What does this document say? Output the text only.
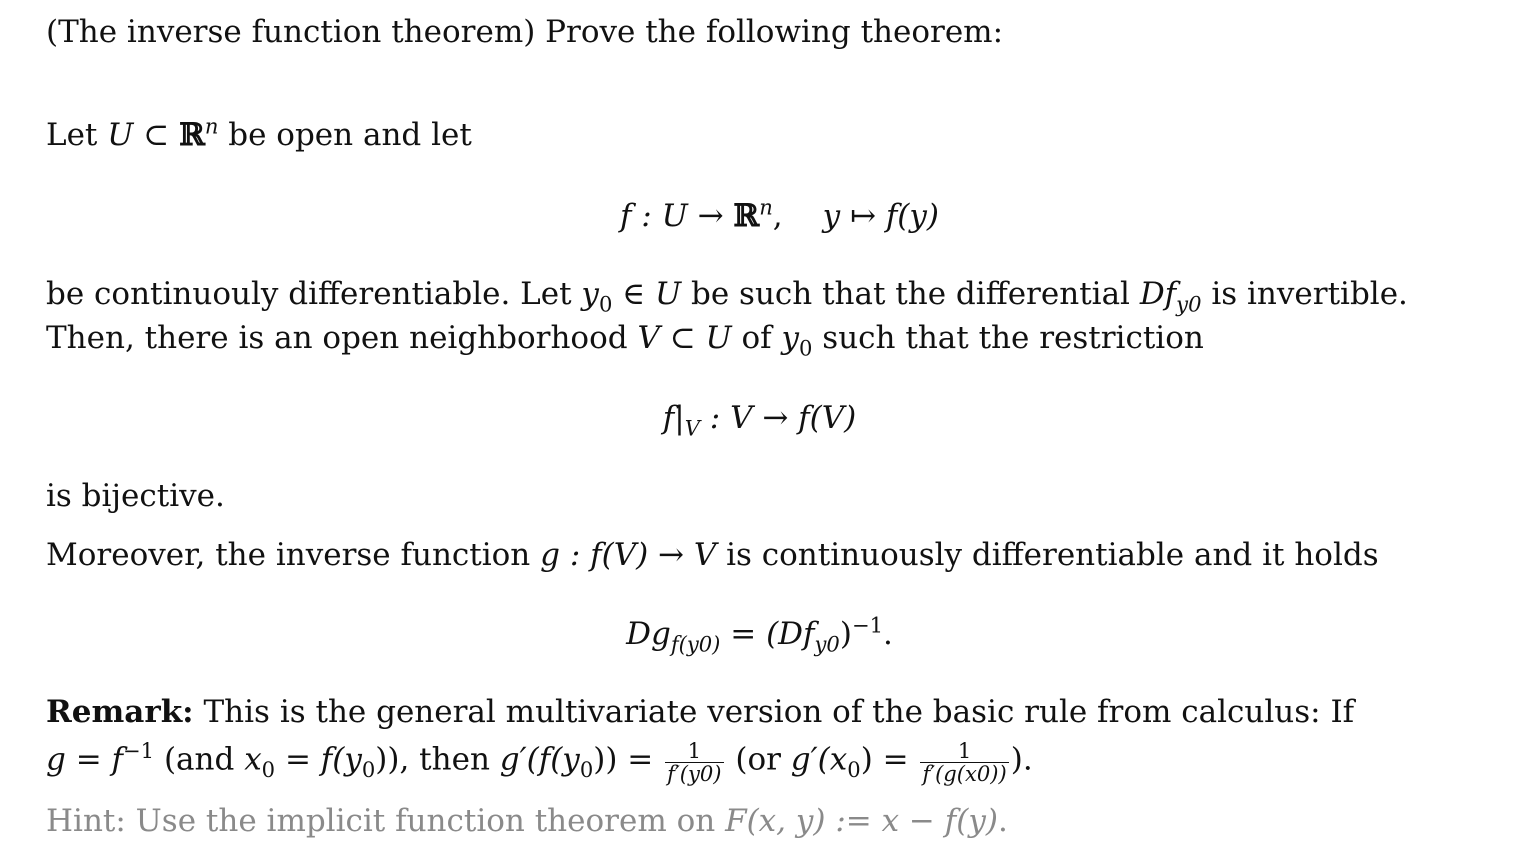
(The inverse function theorem) Prove the following theorem:
Let U ⊂ ℝ$^n$ be open and let
f : U → ℝ$^n$, y ↦ f(y)
be continuouly differentiable. Let $y_0$ ∈ U be such that the differential $Df_{y0}$ is invertible.
Then, there is an open neighborhood V ⊂ U of $y_0$ such that the restriction
$f|_V$ : V → f(V)
is bijective.
Moreover, the inverse function g : f(V) → V is continuously differentiable and it holds
$Dg_{f(y0)} = (Df_{y0})^{-1}$.
Remark: This is the general multivariate version of the basic rule from calculus: If
$g = f^{-1}$ (and $x_0 = f(y_0)$), then $g'(f(y_0)) = \frac{1}{f'(y0)} (or$ $g'(x_0) = \frac{1}{f'(g(x0))}$ ).
Hint: Use the implicit function theorem on F(x, y) := x − f(y).
